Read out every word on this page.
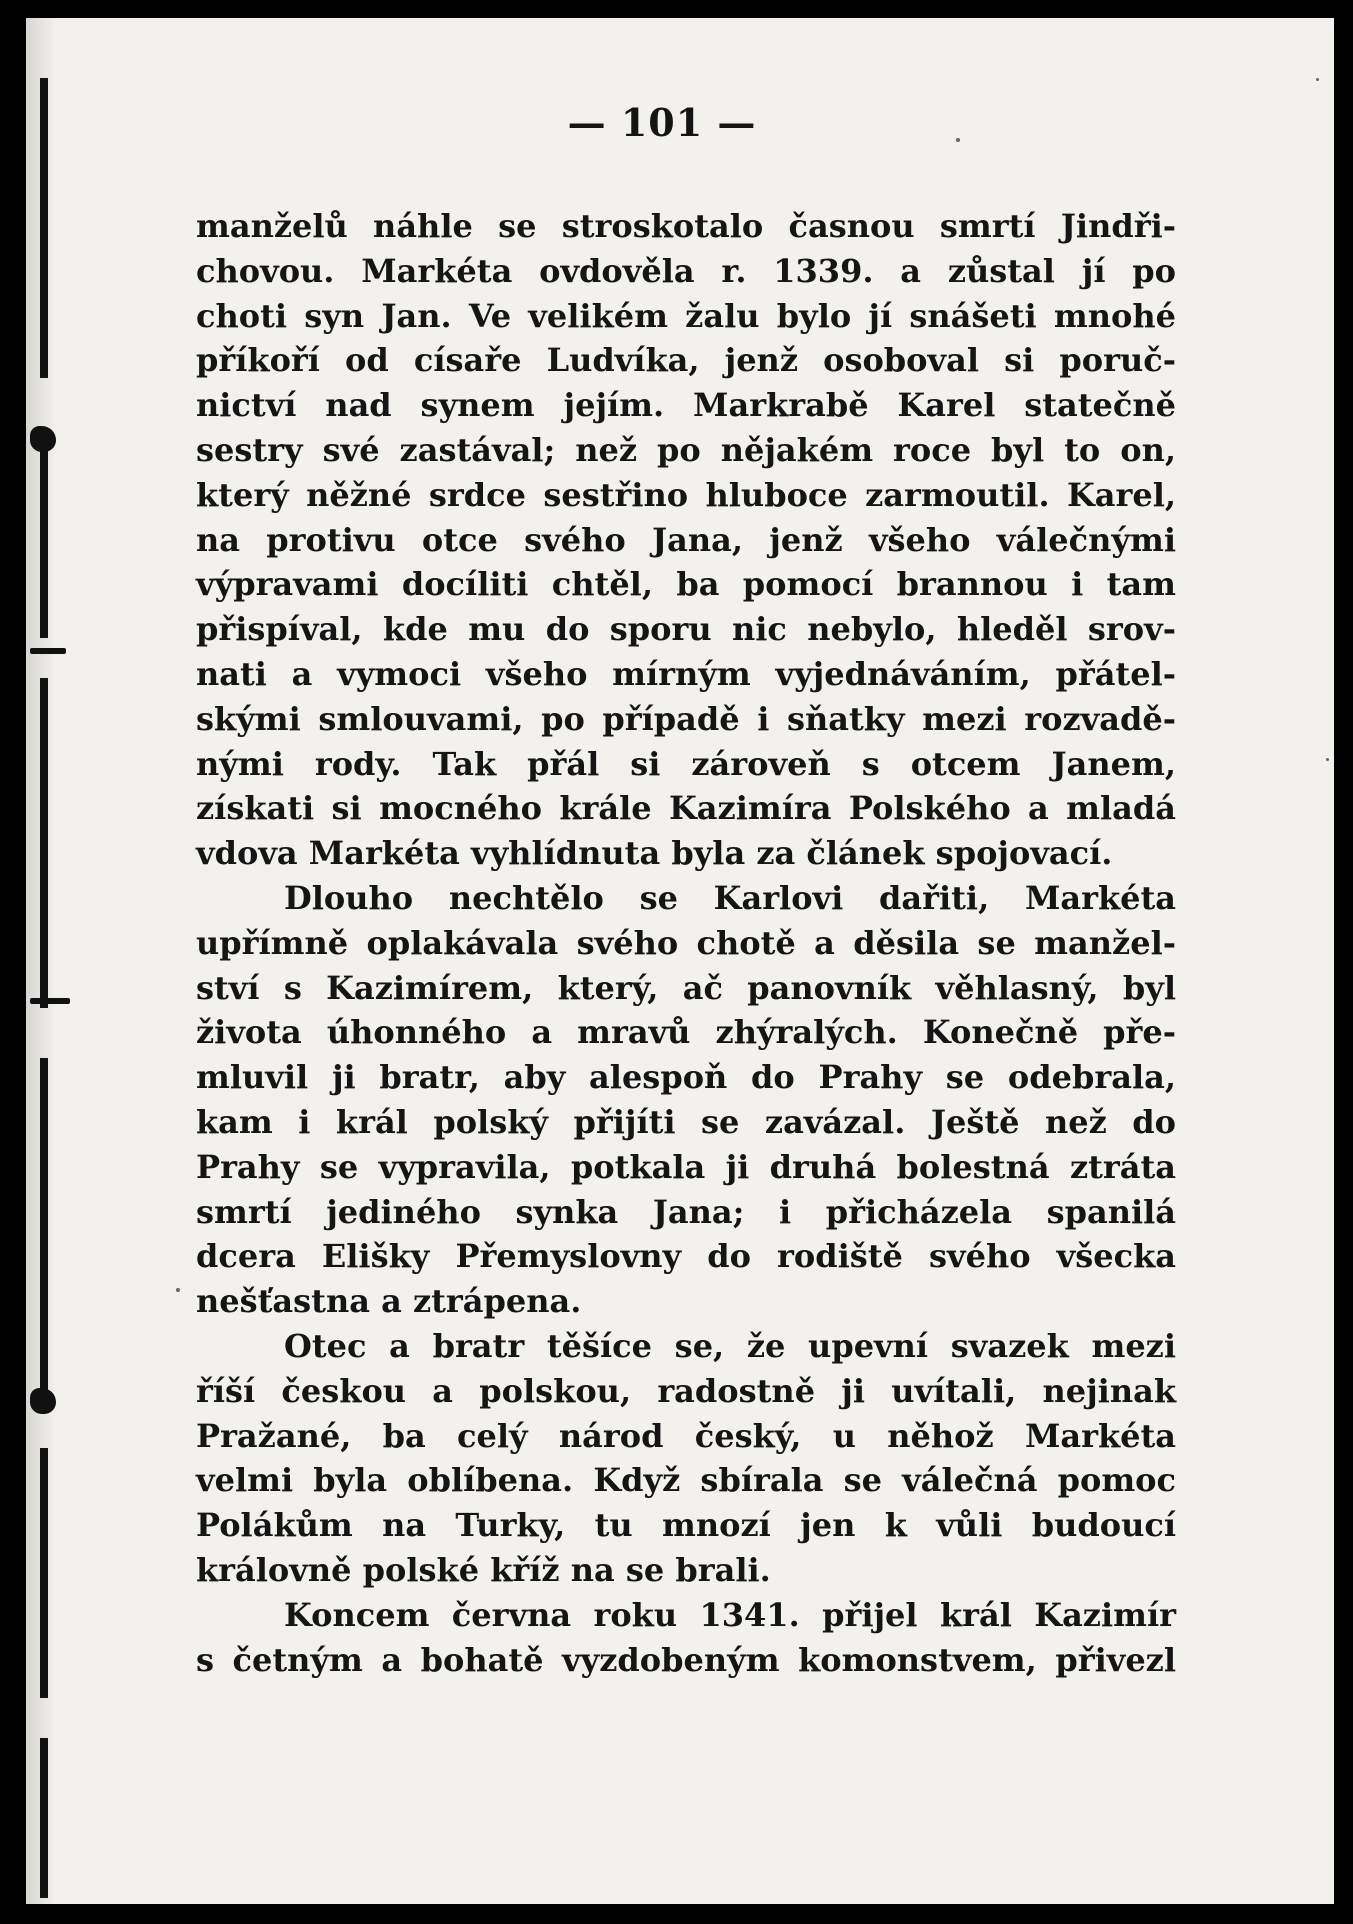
— 101 —
manželů náhle se stroskotalo časnou smrtí Jindři-
chovou. Markéta ovdověla r. 1339. a zůstal jí po
choti syn Jan. Ve velikém žalu bylo jí snášeti mnohé
příkoří od císaře Ludvíka, jenž osoboval si poruč-
nictví nad synem jejím. Markrabě Karel statečně
sestry své zastával; než po nějakém roce byl to on,
který něžné srdce sestřino hluboce zarmoutil. Karel,
na protivu otce svého Jana, jenž všeho válečnými
výpravami docíliti chtěl, ba pomocí brannou i tam
přispíval, kde mu do sporu nic nebylo, hleděl srov-
nati a vymoci všeho mírným vyjednáváním, přátel-
skými smlouvami, po případě i sňatky mezi rozvadě-
nými rody. Tak přál si zároveň s otcem Janem,
získati si mocného krále Kazimíra Polského a mladá
vdova Markéta vyhlídnuta byla za článek spojovací.
Dlouho nechtělo se Karlovi dařiti, Markéta
upřímně oplakávala svého chotě a děsila se manžel-
ství s Kazimírem, který, ač panovník věhlasný, byl
života úhonného a mravů zhýralých. Konečně pře-
mluvil ji bratr, aby alespoň do Prahy se odebrala,
kam i král polský přijíti se zavázal. Ještě než do
Prahy se vypravila, potkala ji druhá bolestná ztráta
smrtí jediného synka Jana; i přicházela spanilá
dcera Elišky Přemyslovny do rodiště svého všecka
nešťastna a ztrápena.
Otec a bratr těšíce se, že upevní svazek mezi
říší českou a polskou, radostně ji uvítali, nejinak
Pražané, ba celý národ český, u něhož Markéta
velmi byla oblíbena. Když sbírala se válečná pomoc
Polákům na Turky, tu mnozí jen k vůli budoucí
královně polské kříž na se brali.
Koncem června roku 1341. přijel král Kazimír
s četným a bohatě vyzdobeným komonstvem, přivezl
